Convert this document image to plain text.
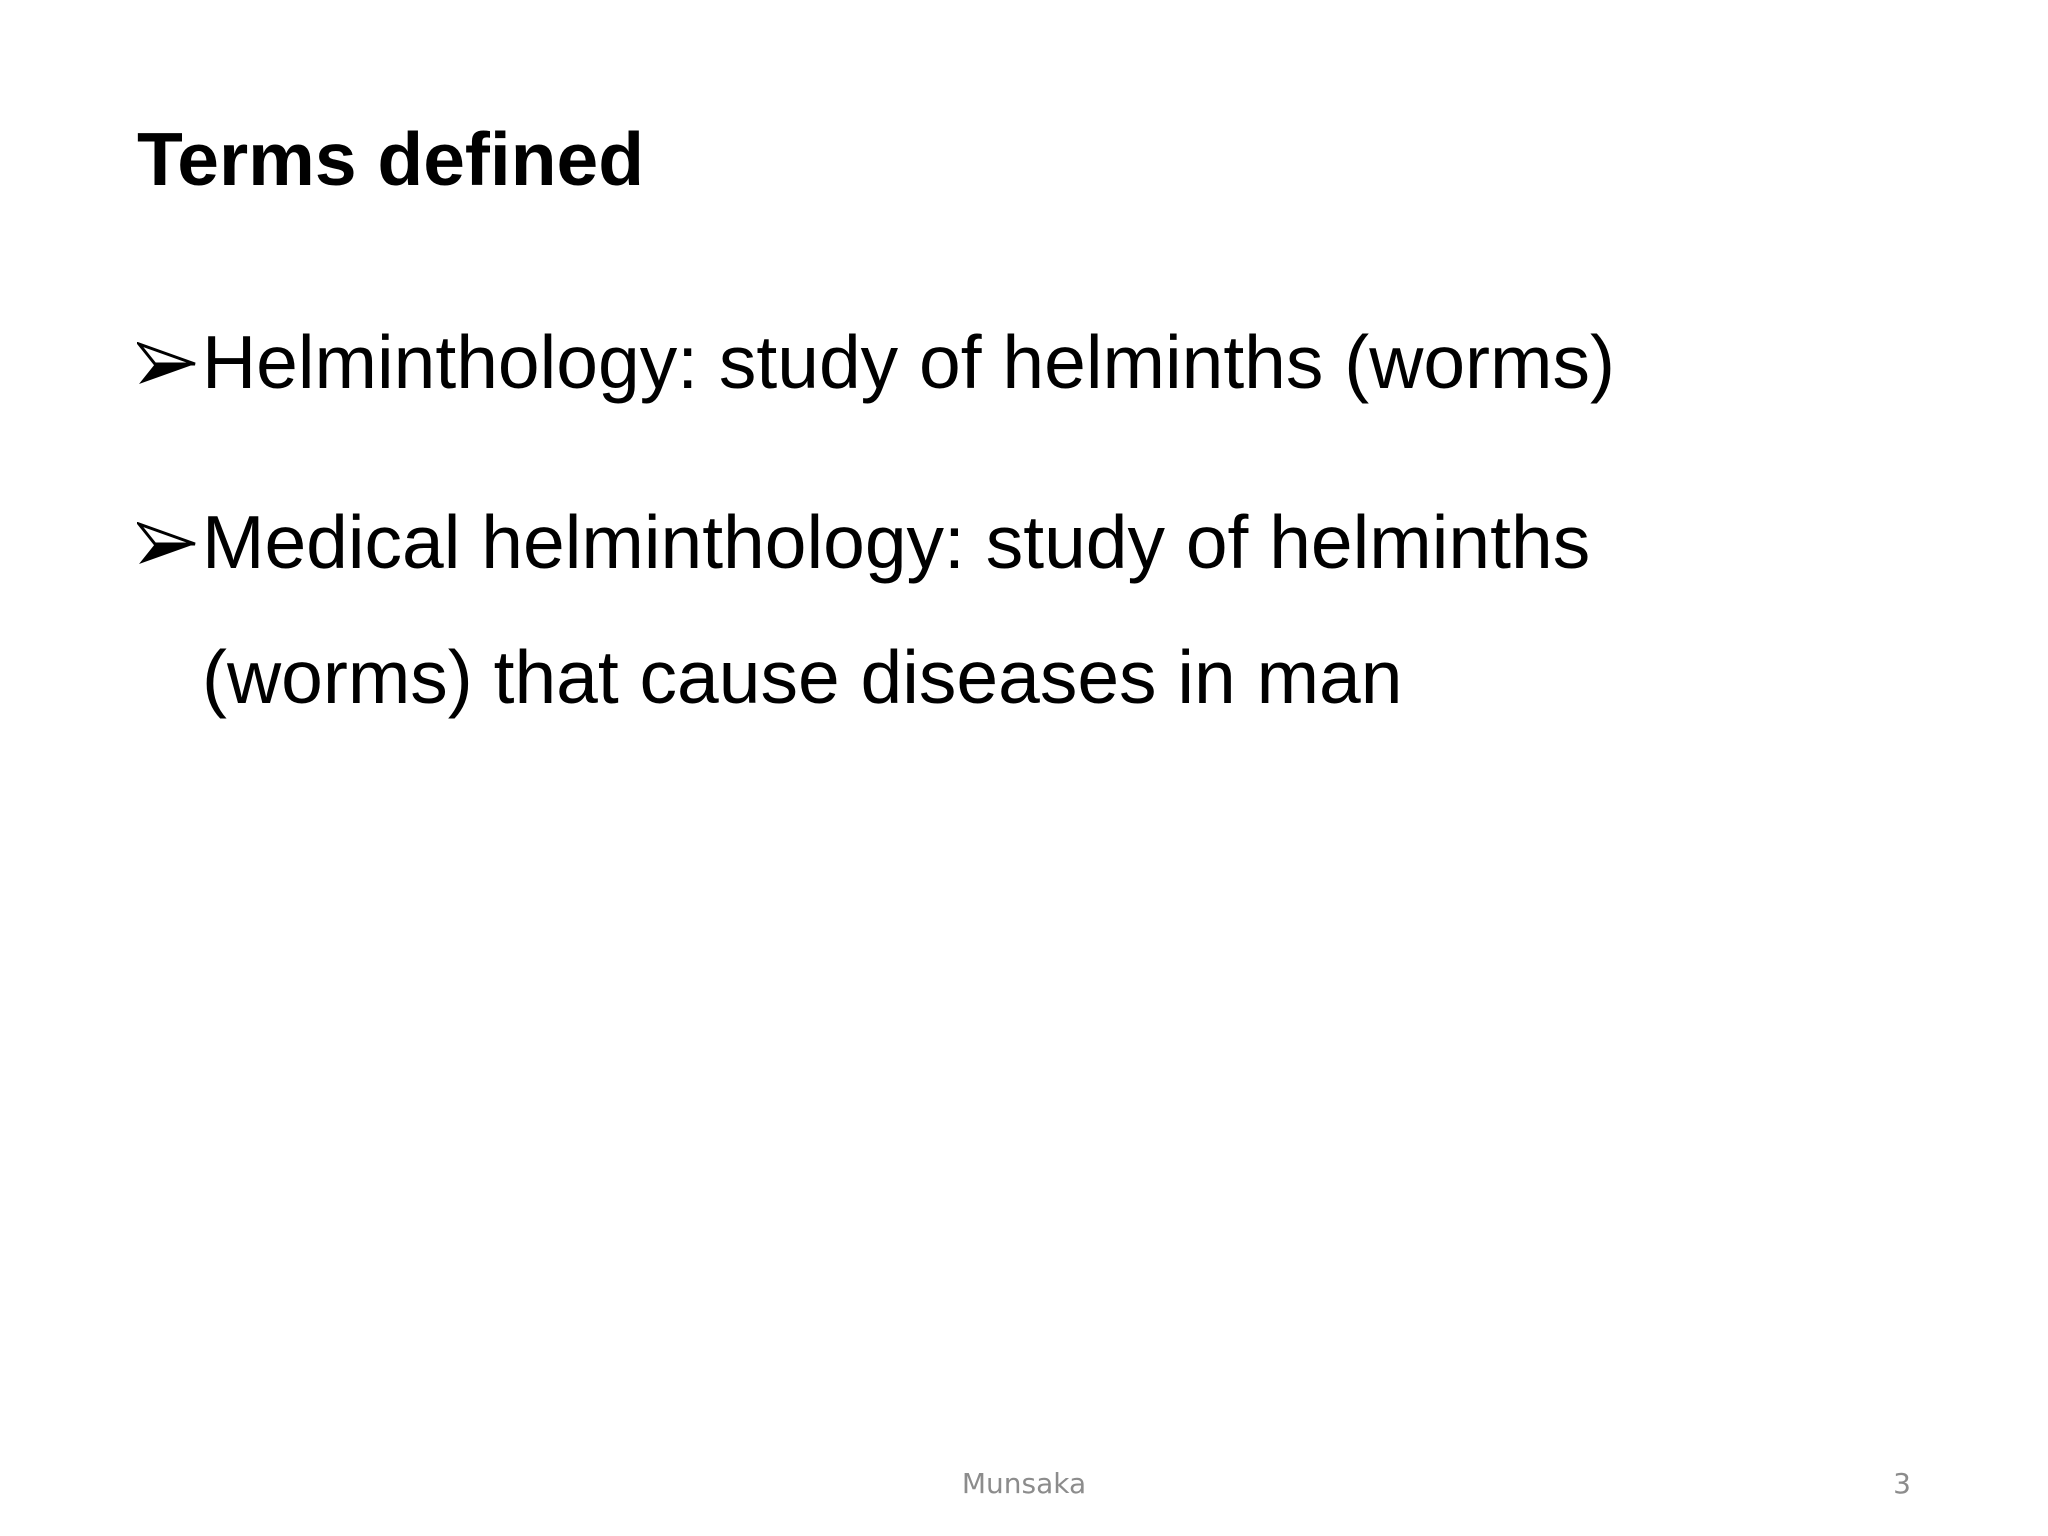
Terms defined
Helminthology: study of helminths (worms)
Medical helminthology: study of helminths (worms) that cause diseases in man
Munsaka	3
